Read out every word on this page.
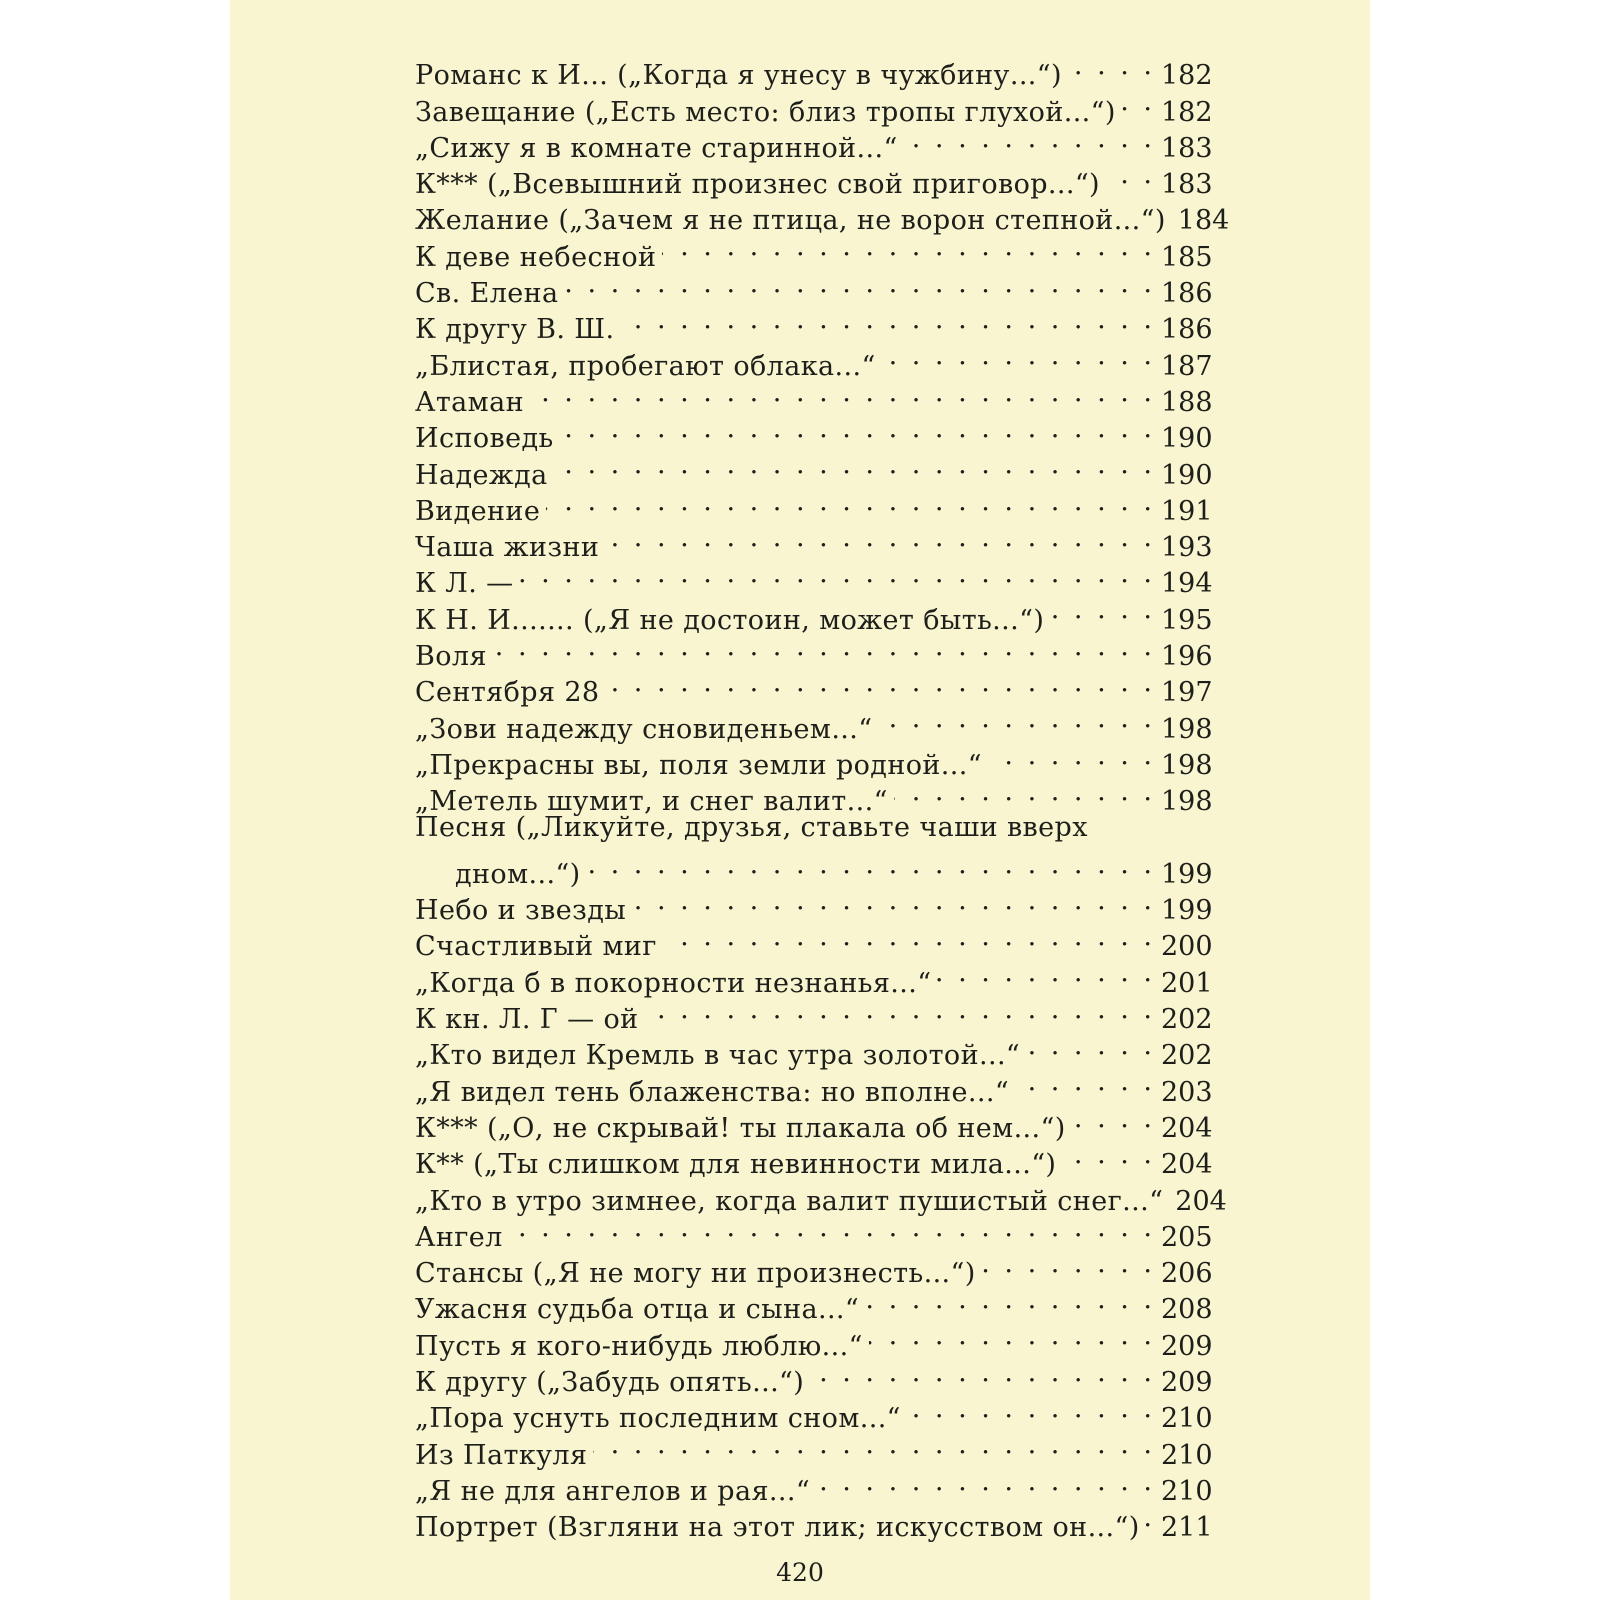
Романс к И... („Когда я унесу в чужбину...“) . . .	182
Завещание („Есть место: близ тропы глухой...“) . . . 182
„Сижу я в комнате старинной...“ . . .	183
К*** („Всевышний произнес свой приговор...“) . . . 183
Желание („Зачем я не птица, не ворон степной...“) 184
К деве небесной . . .	185
Св. Елена . . .	186
К другу В. Ш. . . .	186
„Блистая, пробегают облака...“ . . .	187
Атаман . . .	188
Исповедь . . .	190
Надежда . . .	190
Видение . . .	191
Чаша жизни . . .	193
К Л. — . . .	194
К Н. И....... („Я не достоин, может быть...“) . . .	195
Воля . . .	196
Сентября 28 . . .	197
„Зови надежду сновиденьем...“ . . .	198
„Прекрасны вы, поля земли родной...“ . . .	198
„Метель шумит, и снег валит...“ . . .	198
Песня („Ликуйте, друзья, ставьте чаши вверх
дном...“) . . .	199
Небо и звезды . . .	199
Счастливый миг . . .	200
„Когда б в покорности незнанья...“ . . .	201
К кн. Л. Г — ой . . .	202
„Кто видел Кремль в час утра золотой...“ . . .	202
„Я видел тень блаженства: но вполне...“ . . .	203
К*** („О, не скрывай! ты плакала об нем...“) . . .	204
К** („Ты слишком для невинности мила...“) . . .	204
„Кто в утро зимнее, когда валит пушистый снег...“ 204
Ангел . . .	205
Стансы („Я не могу ни произнесть...“) . . .	206
Ужасня судьба отца и сына...“ . . .	208
Пусть я кого-нибудь люблю...“ . . .	209
К другу („Забудь опять...“) . . .	209
„Пора уснуть последним сном...“ . . .	210
Из Паткуля . . .	210
„Я не для ангелов и рая...“ . . .	210
Портрет (Взгляни на этот лик; искусством он...“) . . . 211
420
